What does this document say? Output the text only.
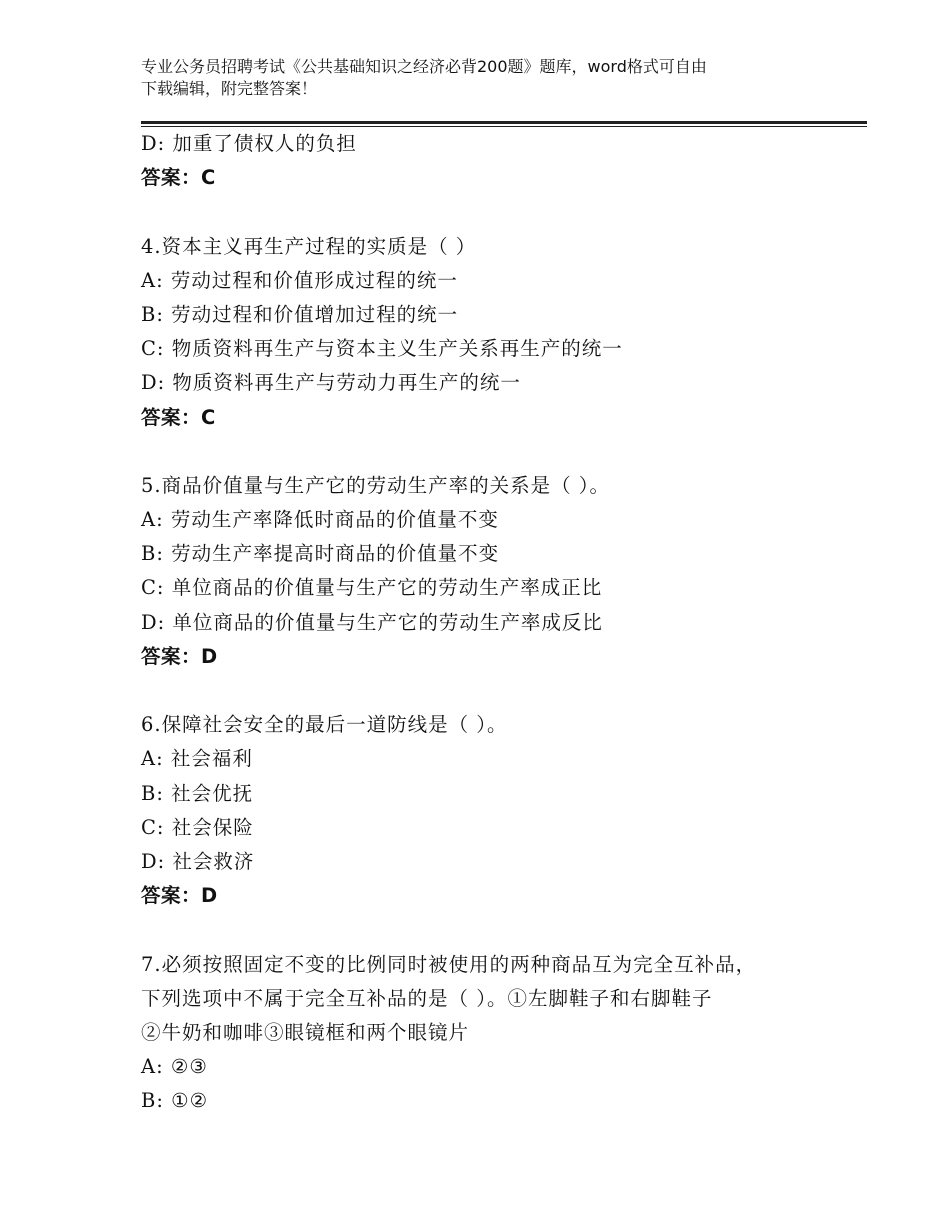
专业公务员招聘考试《公共基础知识之经济必背200题》题库，word格式可自由
下载编辑，附完整答案！
D: 加重了债权人的负担
答案：C
4.资本主义再生产过程的实质是（ ）
A: 劳动过程和价值形成过程的统一
B: 劳动过程和价值增加过程的统一
C: 物质资料再生产与资本主义生产关系再生产的统一
D: 物质资料再生产与劳动力再生产的统一
答案：C
5.商品价值量与生产它的劳动生产率的关系是（ ）。
A: 劳动生产率降低时商品的价值量不变
B: 劳动生产率提高时商品的价值量不变
C: 单位商品的价值量与生产它的劳动生产率成正比
D: 单位商品的价值量与生产它的劳动生产率成反比
答案：D
6.保障社会安全的最后一道防线是（ ）。
A: 社会福利
B: 社会优抚
C: 社会保险
D: 社会救济
答案：D
7.必须按照固定不变的比例同时被使用的两种商品互为完全互补品，
下列选项中不属于完全互补品的是（ ）。①左脚鞋子和右脚鞋子
②牛奶和咖啡③眼镜框和两个眼镜片
A: ②③
B: ①②
